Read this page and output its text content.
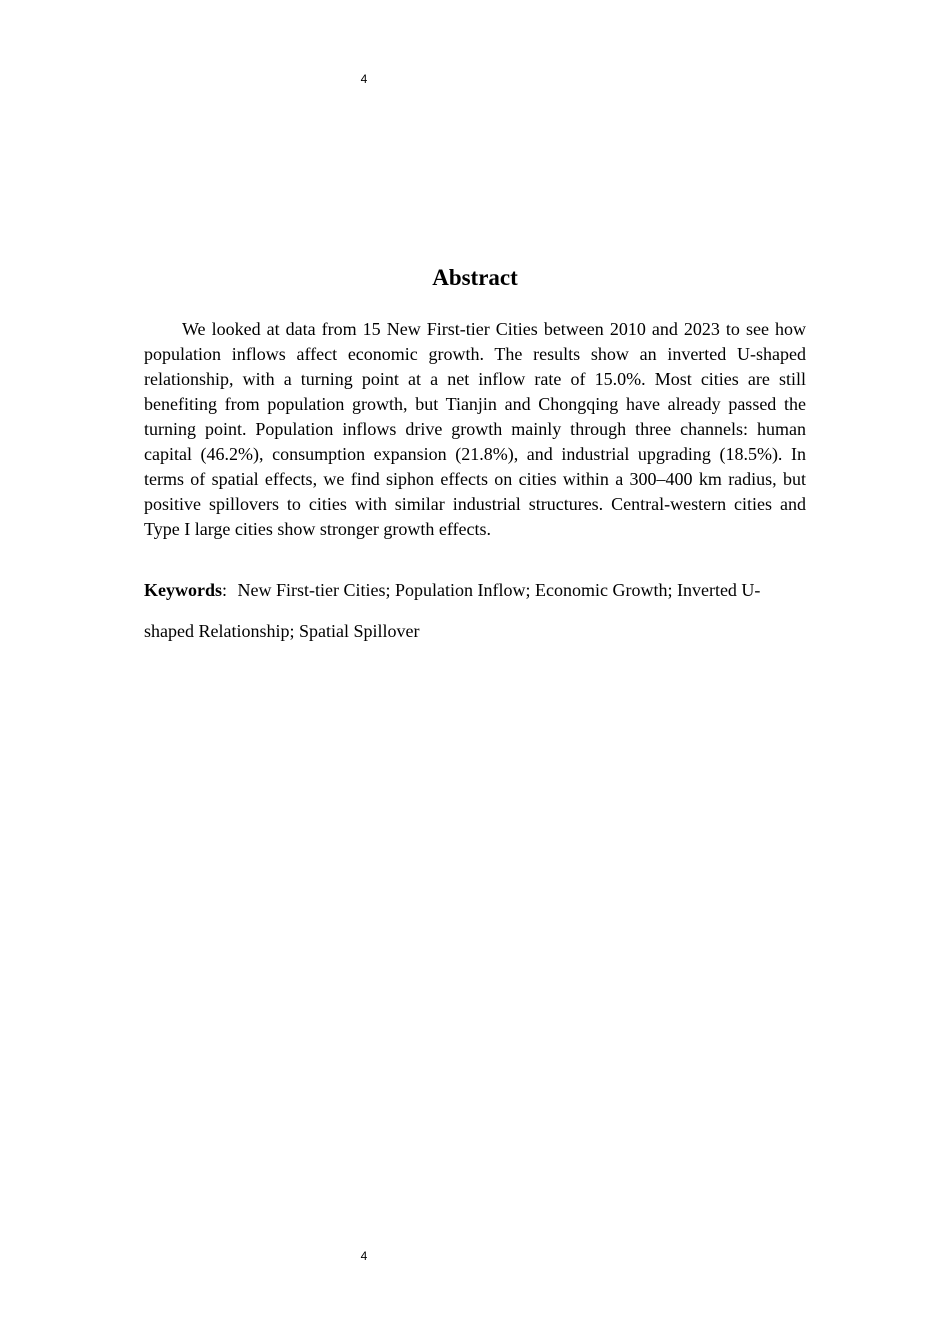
4
Abstract

We looked at data from 15 New First-tier Cities between 2010 and 2023 to see how population inflows affect economic growth. The results show an inverted U-shaped relationship, with a turning point at a net inflow rate of 15.0%. Most cities are still benefiting from population growth, but Tianjin and Chongqing have already passed the turning point. Population inflows drive growth mainly through three channels: human capital (46.2%), consumption expansion (21.8%), and industrial upgrading (18.5%). In terms of spatial effects, we find siphon effects on cities within a 300–400 km radius, but positive spillovers to cities with similar industrial structures. Central-western cities and Type I large cities show stronger growth effects.

Keywords: New First-tier Cities; Population Inflow; Economic Growth; Inverted U-shaped Relationship; Spatial Spillover

4
